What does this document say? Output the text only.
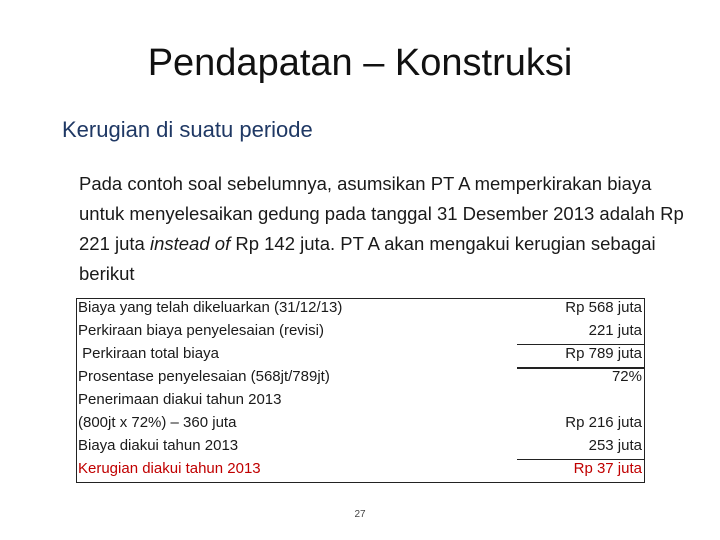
Pendapatan – Konstruksi
Kerugian di suatu periode
Pada contoh soal sebelumnya, asumsikan PT A memperkirakan biaya untuk menyelesaikan gedung pada tanggal 31 Desember 2013 adalah Rp 221 juta instead of Rp 142 juta. PT A akan mengakui kerugian sebagai berikut
Biaya yang telah dikeluarkan (31/12/13)	Rp 568 juta
Perkiraan biaya penyelesaian (revisi)	221 juta
Perkiraan total biaya	Rp 789 juta
Prosentase penyelesaian (568jt/789jt)	72%
Penerimaan diakui tahun 2013
(800jt x 72%) – 360 juta	Rp 216 juta
Biaya diakui tahun 2013	253 juta
Kerugian diakui tahun 2013	Rp 37 juta
27
